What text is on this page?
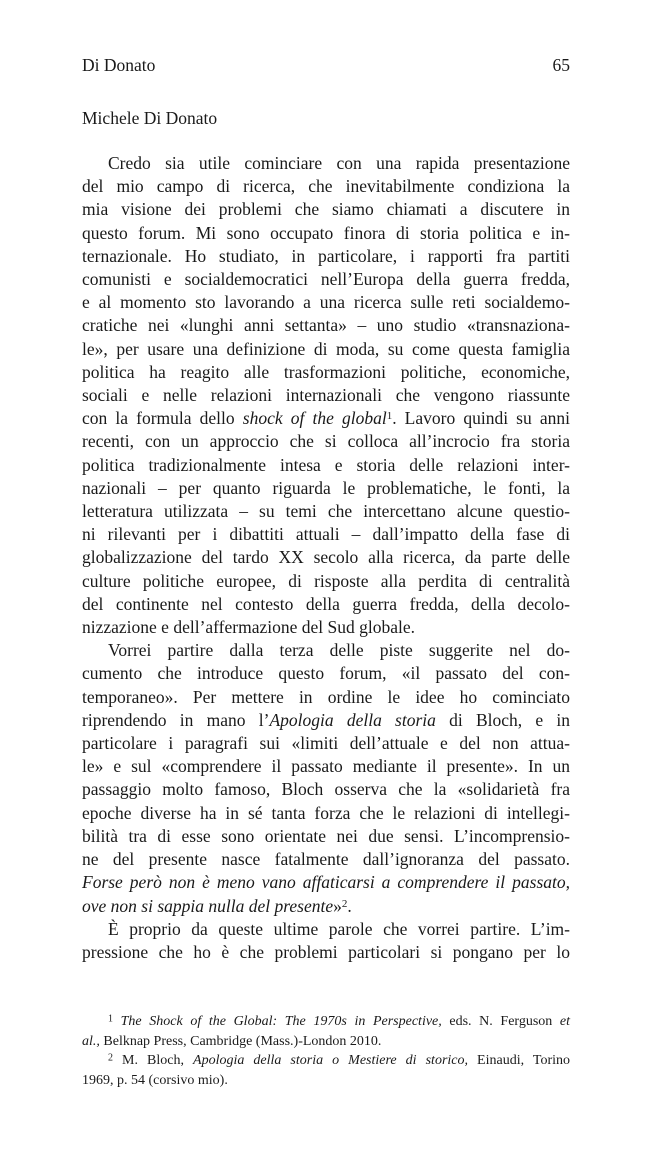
Di Donato	65
Michele Di Donato
Credo sia utile cominciare con una rapida presentazione
del mio campo di ricerca, che inevitabilmente condiziona la
mia visione dei problemi che siamo chiamati a discutere in
questo forum. Mi sono occupato finora di storia politica e in-
ternazionale. Ho studiato, in particolare, i rapporti fra partiti
comunisti e socialdemocratici nell’Europa della guerra fredda,
e al momento sto lavorando a una ricerca sulle reti socialdemo-
cratiche nei «lunghi anni settanta» – uno studio «transnaziona-
le», per usare una definizione di moda, su come questa famiglia
politica ha reagito alle trasformazioni politiche, economiche,
sociali e nelle relazioni internazionali che vengono riassunte
con la formula dello shock of the global$^1$. Lavoro quindi su anni
recenti, con un approccio che si colloca all’incrocio fra storia
politica tradizionalmente intesa e storia delle relazioni inter-
nazionali – per quanto riguarda le problematiche, le fonti, la
letteratura utilizzata – su temi che intercettano alcune questio-
ni rilevanti per i dibattiti attuali – dall’impatto della fase di
globalizzazione del tardo XX secolo alla ricerca, da parte delle
culture politiche europee, di risposte alla perdita di centralità
del continente nel contesto della guerra fredda, della decolo-
nizzazione e dell’affermazione del Sud globale.
Vorrei partire dalla terza delle piste suggerite nel do-
cumento che introduce questo forum, «il passato del con-
temporaneo». Per mettere in ordine le idee ho cominciato
riprendendo in mano l’Apologia della storia di Bloch, e in
particolare i paragrafi sui «limiti dell’attuale e del non attua-
le» e sul «comprendere il passato mediante il presente». In un
passaggio molto famoso, Bloch osserva che la «solidarietà fra
epoche diverse ha in sé tanta forza che le relazioni di intellegi-
bilità tra di esse sono orientate nei due sensi. L’incomprensio-
ne del presente nasce fatalmente dall’ignoranza del passato.
Forse però non è meno vano affaticarsi a comprendere il passato,
ove non si sappia nulla del presente»$^2$.
È proprio da queste ultime parole che vorrei partire. L’im-
pressione che ho è che problemi particolari si pongano per lo
$^1$ The Shock of the Global: The 1970s in Perspective, eds. N. Ferguson et
al., Belknap Press, Cambridge (Mass.)-London 2010.
$^2$ M. Bloch, Apologia della storia o Mestiere di storico, Einaudi, Torino
1969, p. 54 (corsivo mio).
